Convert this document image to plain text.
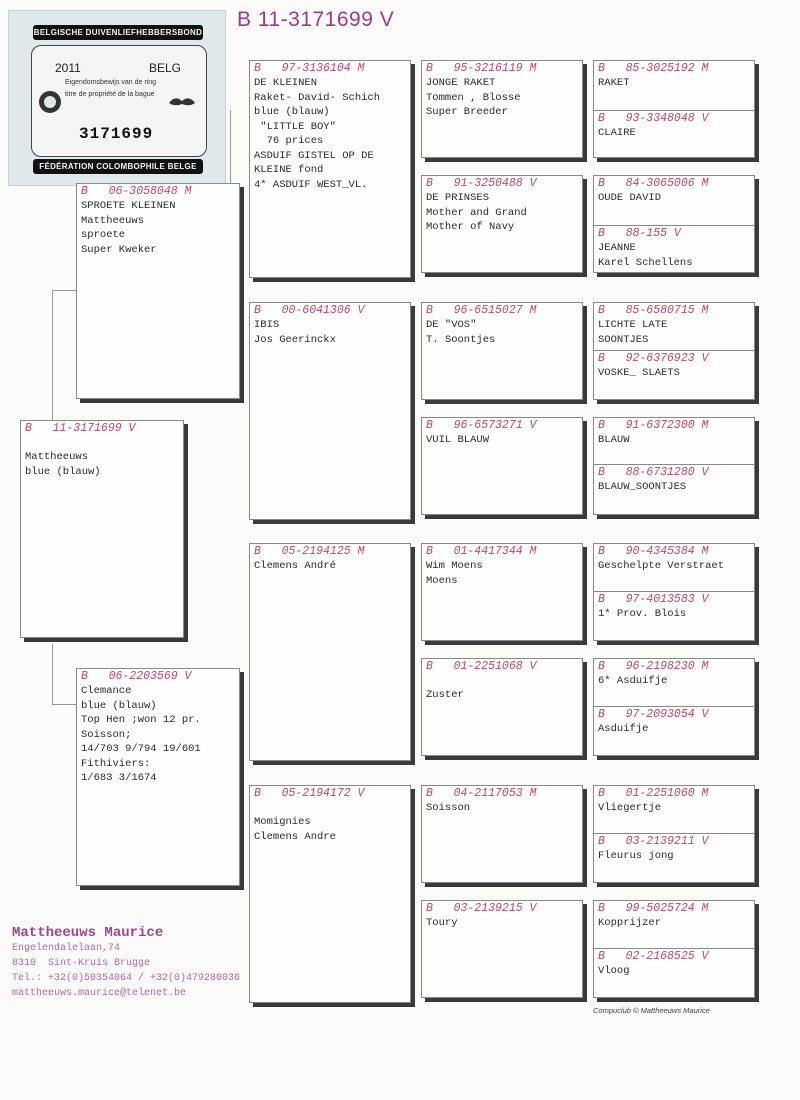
B 11-3171699 V
BELGISCHE DUIVENLIEFHEBBERSBOND
2011	BELG
Eigendomsbewijs van de ring
titre de propriété de la bague
3171699
FÉDÉRATION COLOMBOPHILE BELGE
B   11-3171699 V
Mattheeuws
blue (blauw)
B   06-3058048 M
SPROETE KLEINEN
Mattheeuws
sproete
Super Kweker
B   06-2203569 V
Clemance
blue (blauw)
Top Hen ;won 12 pr.
Soisson;
14/703 9/794 19/601
Fithiviers:
1/683 3/1674
B   97-3136104 M
DE KLEINEN
Raket- David- Schich
blue (blauw)
"LITTLE BOY"
76 prices
ASDUIF GISTEL OP DE
KLEINE fond
4* ASDUIF WEST_VL.
B   00-6041306 V
IBIS
Jos Geerinckx
B   05-2194125 M
Clemens André
B   05-2194172 V
Momignies
Clemens Andre
B   95-3216119 M
JONGE RAKET
Tommen , Blosse
Super Breeder
B   91-3250488 V
DE PRINSES
Mother and Grand
Mother of Navy
B   96-6515027 M
DE "VOS"
T. Soontjes
B   96-6573271 V
VUIL BLAUW
B   01-4417344 M
Wim Moens
Moens
B   01-2251068 V
Zuster
B   04-2117053 M
Soisson
B   03-2139215 V
Toury
B   85-3025192 M
RAKET
B   93-3348048 V
CLAIRE
B   84-3065006 M
OUDE DAVID
B   88-155 V
JEANNE
Karel Schellens
B   85-6580715 M
LICHTE LATE
SOONTJES
B   92-6376923 V
VOSKE_ SLAETS
B   91-6372300 M
BLAUW
B   88-6731280 V
BLAUW_SOONTJES
B   90-4345384 M
Geschelpte Verstraet
B   97-4013583 V
1* Prov. Blois
B   96-2198230 M
6* Asduifje
B   97-2093054 V
Asduifje
B   01-2251060 M
Vliegertje
B   03-2139211 V
Fleurus jong
B   99-5025724 M
Kopprijzer
B   02-2168525 V
Vloog
Mattheeuws Maurice
Engelendalelaan,74
8310  Sint-Kruis Brugge
Tel.: +32(0)50354064 / +32(0)479280036
mattheeuws.maurice@telenet.be
Compuclub © Mattheeuws Maurice
